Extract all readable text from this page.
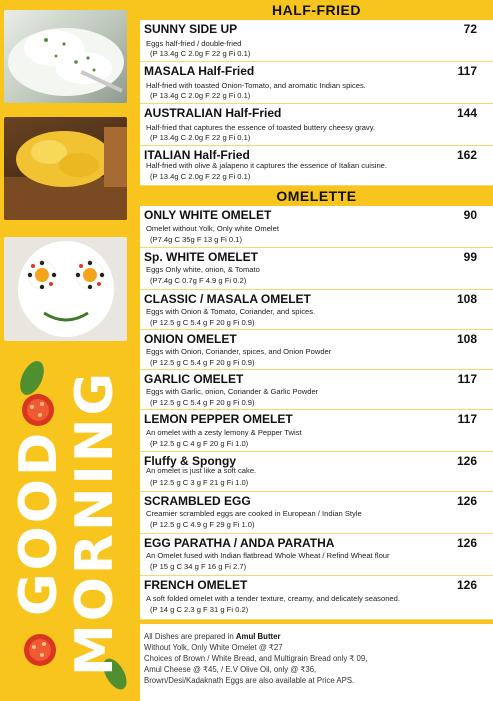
GOOD
MORNING
HALF-FRIED
SUNNY SIDE UP	72
Eggs half-fried / double-fried
(P 13.4g C 2.0g F 22 g Fi 0.1)
MASALA Half-Fried	117
Half-fried with toasted Onion-Tomato, and aromatic Indian spices.
(P 13.4g C 2.0g F 22 g Fi 0.1)
AUSTRALIAN Half-Fried	144
Half-fried that captures the essence of toasted buttery cheesy gravy.
(P 13.4g C 2.0g F 22 g Fi 0.1)
ITALIAN Half-Fried	162
Half-fried with olive & jalapeno it captures the essence of Italian cuisine.
(P 13.4g C 2.0g F 22 g Fi 0.1)
OMELETTE
ONLY WHITE OMELET	90
Omelet without Yolk, Only white Omelet
(P7.4g C 35g F 13 g Fi 0.1)
Sp. WHITE OMELET	99
Eggs Only white, onion, & Tomato
(P7.4g C 0.7g F 4.9 g Fi 0.2)
CLASSIC / MASALA OMELET	108
Eggs with Onion & Tomato, Coriander, and spices.
(P 12.5 g C 5.4 g F 20 g Fi 0.9)
ONION OMELET	108
Eggs with Onion, Coriander, spices, and Onion Powder
(P 12.5 g C 5.4 g F 20 g Fi 0.9)
GARLIC OMELET	117
Eggs with Garlic, onion, Coriander & Garlic Powder
(P 12.5 g C 5.4 g F 20 g Fi 0.9)
LEMON PEPPER OMELET	117
An omelet with a zesty lemony & Pepper Twist
(P 12.5 g C 4 g F 20 g Fi 1.0)
Fluffy & Spongy	126
An omelet is just like a soft cake.
(P 12.5 g C 3 g F 21 g Fi 1.0)
SCRAMBLED EGG	126
Creamier scrambled eggs are cooked in European / Indian Style
(P 12.5 g C 4.9 g F 29 g Fi 1.0)
EGG PARATHA / ANDA PARATHA	126
An Omelet fused with Indian flatbread Whole Wheat / Refind Wheat flour
(P 15 g C 34 g F 16 g Fi 2.7)
FRENCH OMELET	126
A soft folded omelet with a tender texture, creamy, and delicately seasoned.
(P 14 g C 2.3 g F 31 g Fi 0.2)
All Dishes are prepared in Amul Butter
Without Yolk, Only White Omelet @ ₹27
Choices of Brown / White Bread, and Multigrain Bread only ₹ 09,
Amul Cheese @ ₹45, / E.V Olive Oil, only @ ₹36,
Brown/Desi/Kadaknath Eggs are also available at Price APS.
